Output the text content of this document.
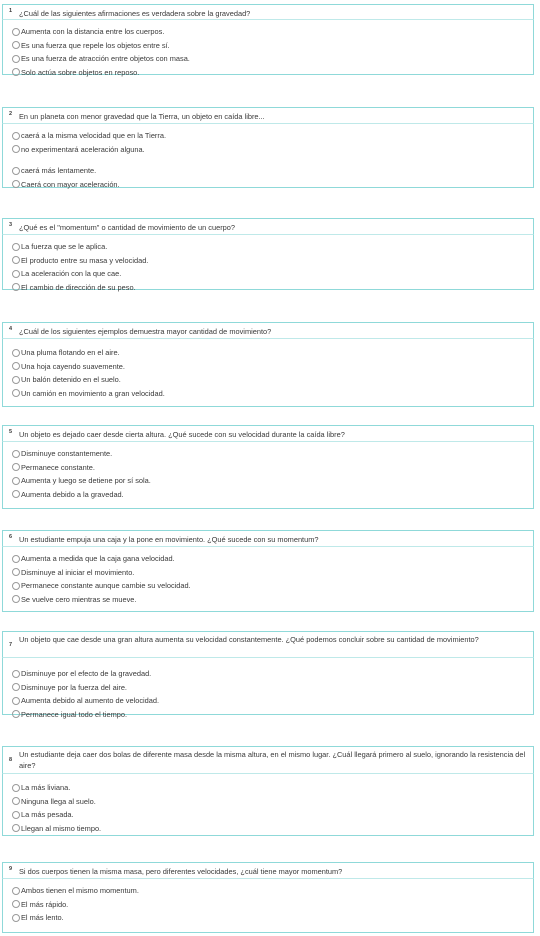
1 ¿Cuál de las siguientes afirmaciones es verdadera sobre la gravedad?
Aumenta con la distancia entre los cuerpos.
Es una fuerza que repele los objetos entre sí.
Es una fuerza de atracción entre objetos con masa.
Solo actúa sobre objetos en reposo.
2 En un planeta con menor gravedad que la Tierra, un objeto en caída libre...
caerá a la misma velocidad que en la Tierra.
no experimentará aceleración alguna.
caerá más lentamente.
Caerá con mayor aceleración.
3 ¿Qué es el "momentum" o cantidad de movimiento de un cuerpo?
La fuerza que se le aplica.
El producto entre su masa y velocidad.
La aceleración con la que cae.
El cambio de dirección de su peso.
4 ¿Cuál de los siguientes ejemplos demuestra mayor cantidad de movimiento?
Una pluma flotando en el aire.
Una hoja cayendo suavemente.
Un balón detenido en el suelo.
Un camión en movimiento a gran velocidad.
5 Un objeto es dejado caer desde cierta altura. ¿Qué sucede con su velocidad durante la caída libre?
Disminuye constantemente.
Permanece constante.
Aumenta y luego se detiene por sí sola.
Aumenta debido a la gravedad.
6 Un estudiante empuja una caja y la pone en movimiento. ¿Qué sucede con su momentum?
Aumenta a medida que la caja gana velocidad.
Disminuye al iniciar el movimiento.
Permanece constante aunque cambie su velocidad.
Se vuelve cero mientras se mueve.
7
Un objeto que cae desde una gran altura aumenta su velocidad constantemente. ¿Qué podemos concluir sobre su cantidad de movimiento?
Disminuye por el efecto de la gravedad.
Disminuye por la fuerza del aire.
Aumenta debido al aumento de velocidad.
Permanece igual todo el tiempo.
8
Un estudiante deja caer dos bolas de diferente masa desde la misma altura, en el mismo lugar. ¿Cuál llegará primero al suelo, ignorando la resistencia del aire?
La más liviana.
Ninguna llega al suelo.
La más pesada.
Llegan al mismo tiempo.
9 Si dos cuerpos tienen la misma masa, pero diferentes velocidades, ¿cuál tiene mayor momentum?
Ambos tienen el mismo momentum.
El más rápido.
El más lento.
